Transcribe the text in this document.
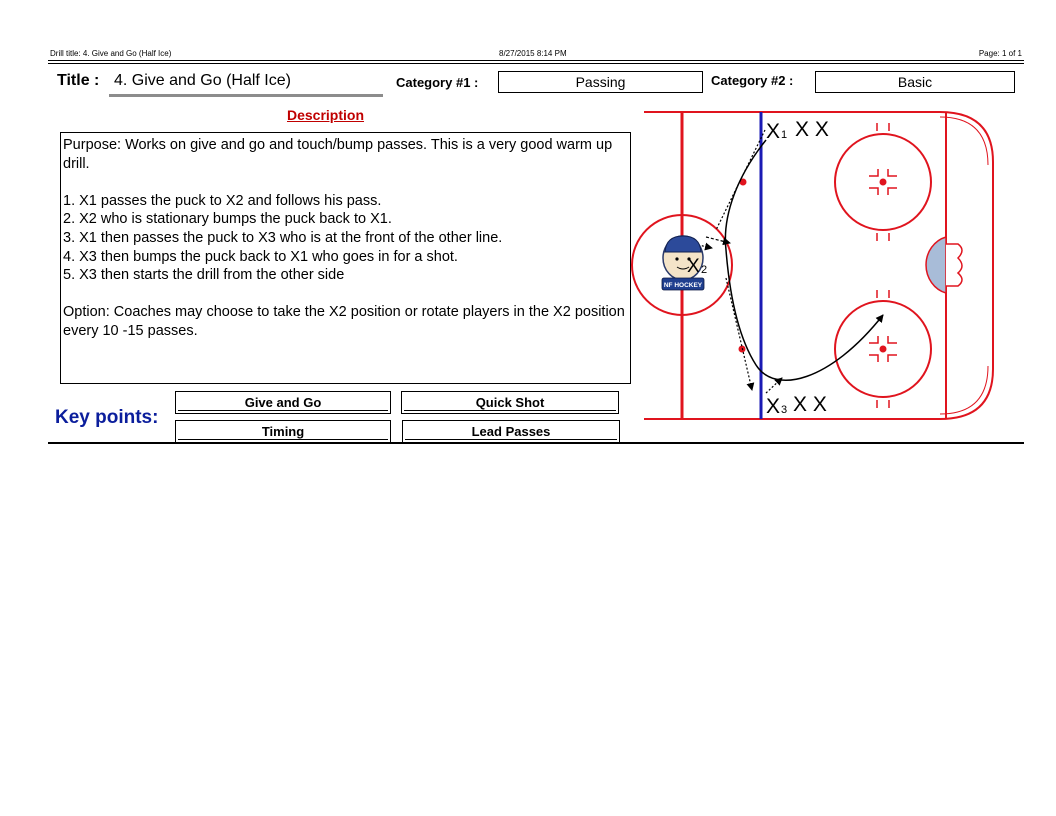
Drill title: 4. Give and Go (Half Ice)	8/27/2015 8:14 PM	Page: 1 of 1
Title : 4. Give and Go (Half Ice)	Category #1 :	Passing	Category #2 :	Basic
Description
Purpose: Works on give and go and touch/bump passes. This is a very good warm up drill.

1. X1 passes the puck to X2 and follows his pass.
2. X2 who is stationary bumps the puck back to X1.
3. X1 then passes the puck to X3 who is at the front of the other line.
4. X3 then bumps the puck back to X1 who goes in for a shot.
5. X3 then starts the drill from the other side

Option: Coaches may choose to take the X2 position or rotate players in the X2 position every 10 -15 passes.
Key points:
Give and Go	Quick Shot
Timing	Lead Passes
X 1 X X
X 3 X X
NF HOCKEY
X 2
